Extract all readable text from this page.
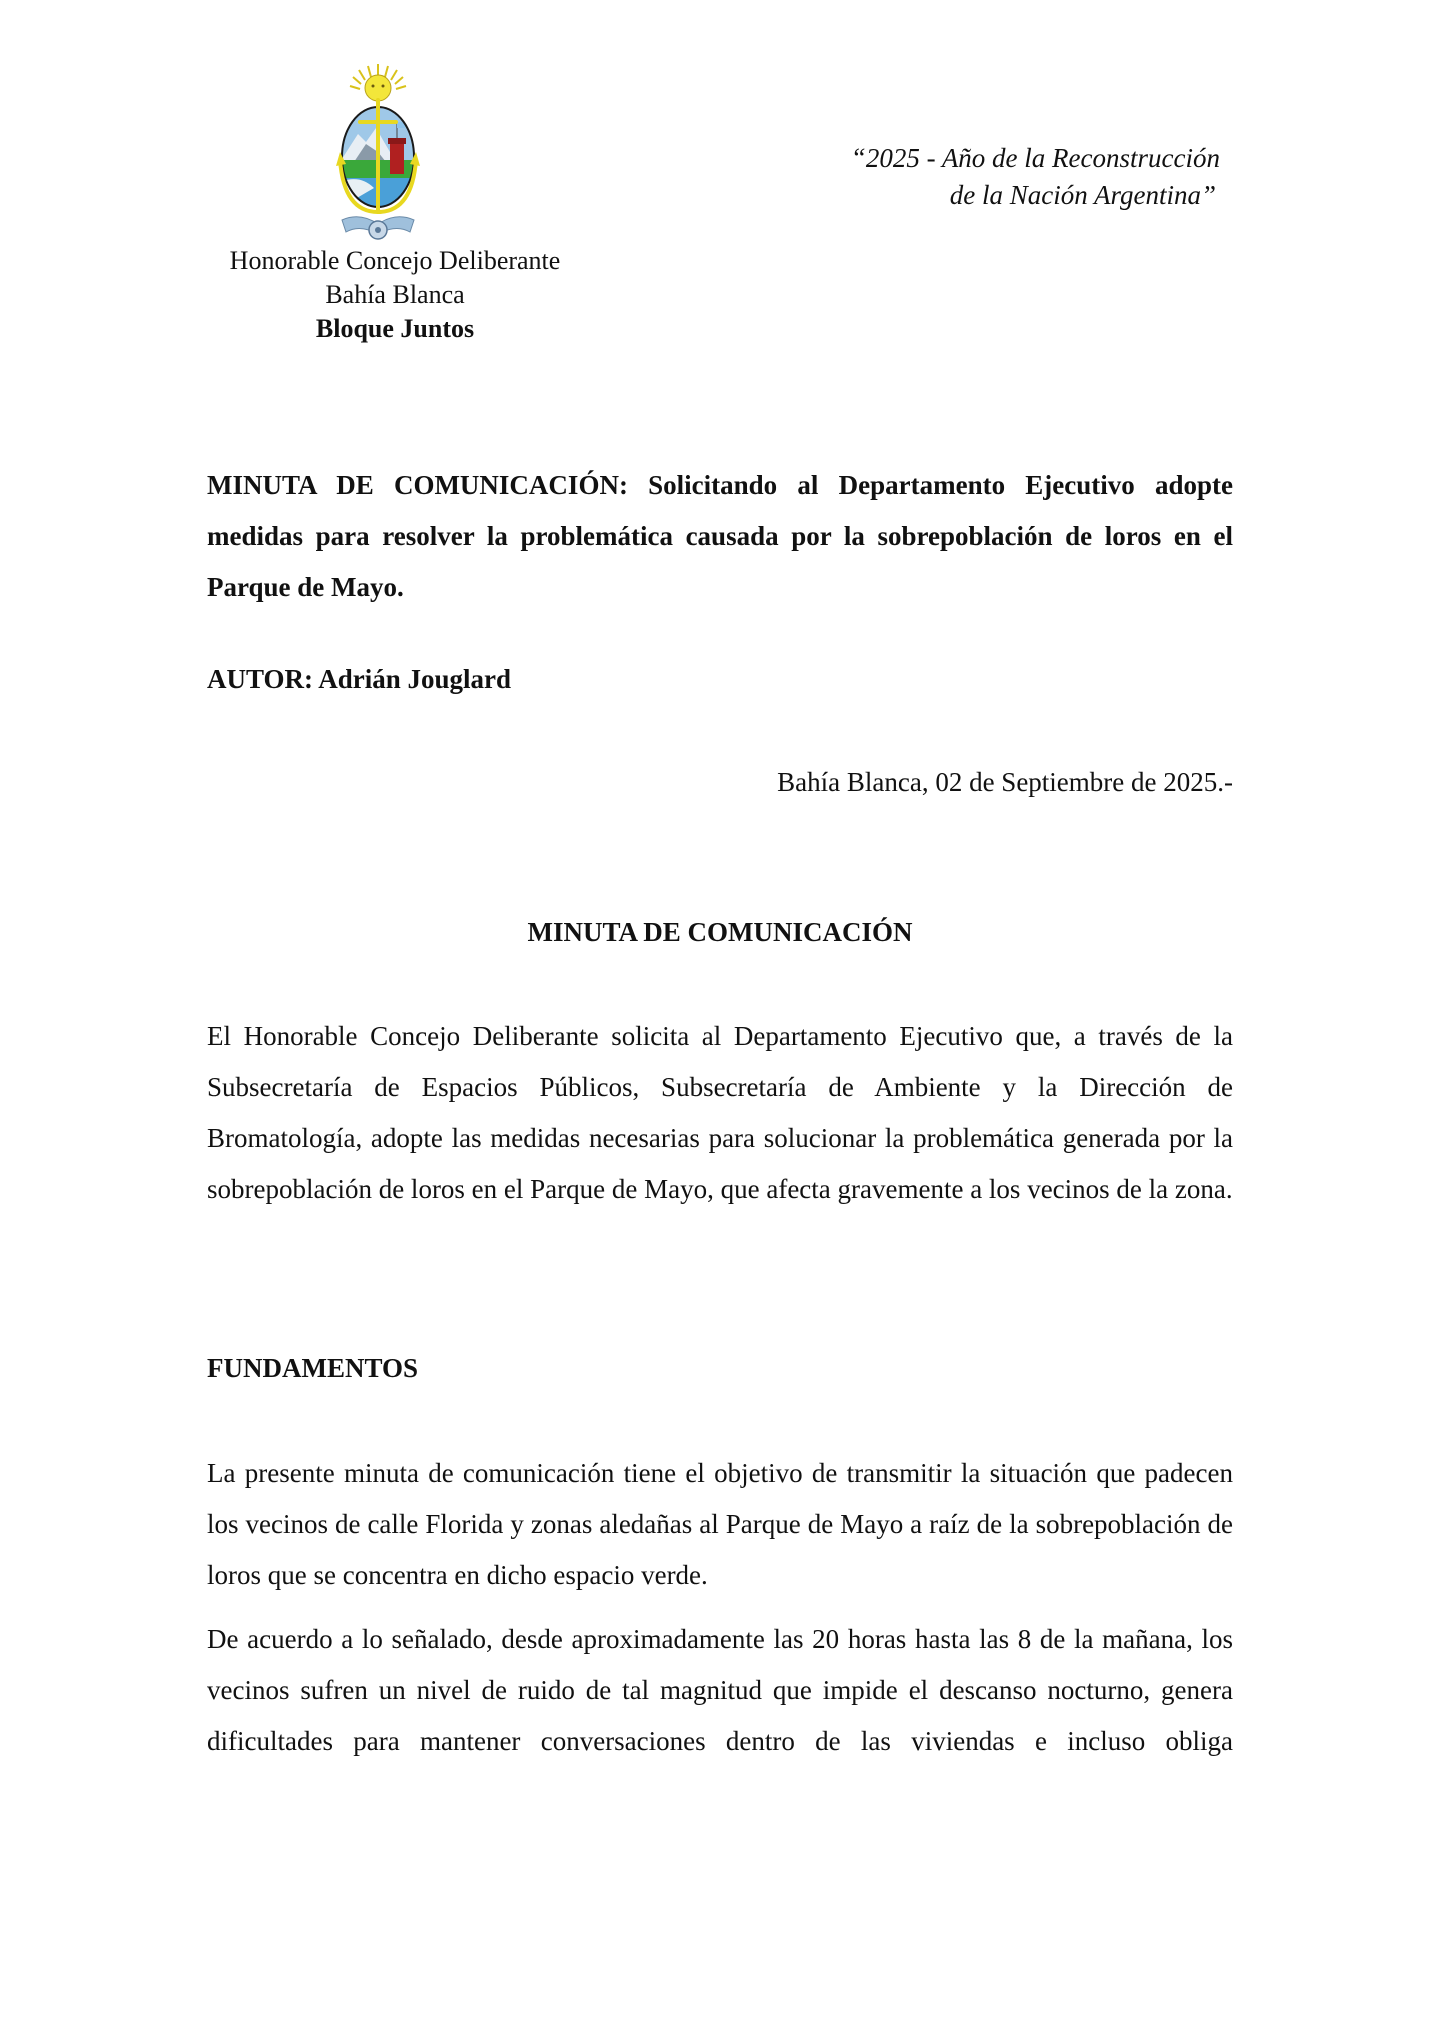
“2025 - Año de la Reconstrucción
de la Nación Argentina”
Honorable Concejo Deliberante
Bahía Blanca
Bloque Juntos
MINUTA DE COMUNICACIÓN: Solicitando al Departamento Ejecutivo adopte medidas para resolver la problemática causada por la sobrepoblación de loros en el Parque de Mayo.
AUTOR: Adrián Jouglard
Bahía Blanca, 02 de Septiembre de 2025.-
MINUTA DE COMUNICACIÓN
El Honorable Concejo Deliberante solicita al Departamento Ejecutivo que, a través de la Subsecretaría de Espacios Públicos, Subsecretaría de Ambiente y la Dirección de Bromatología, adopte las medidas necesarias para solucionar la problemática generada por la sobrepoblación de loros en el Parque de Mayo, que afecta gravemente a los vecinos de la zona.
FUNDAMENTOS
La presente minuta de comunicación tiene el objetivo de transmitir la situación que padecen los vecinos de calle Florida y zonas aledañas al Parque de Mayo a raíz de la sobrepoblación de loros que se concentra en dicho espacio verde.
De acuerdo a lo señalado, desde aproximadamente las 20 horas hasta las 8 de la mañana, los vecinos sufren un nivel de ruido de tal magnitud que impide el descanso nocturno, genera dificultades para mantener conversaciones dentro de las viviendas e incluso obliga
